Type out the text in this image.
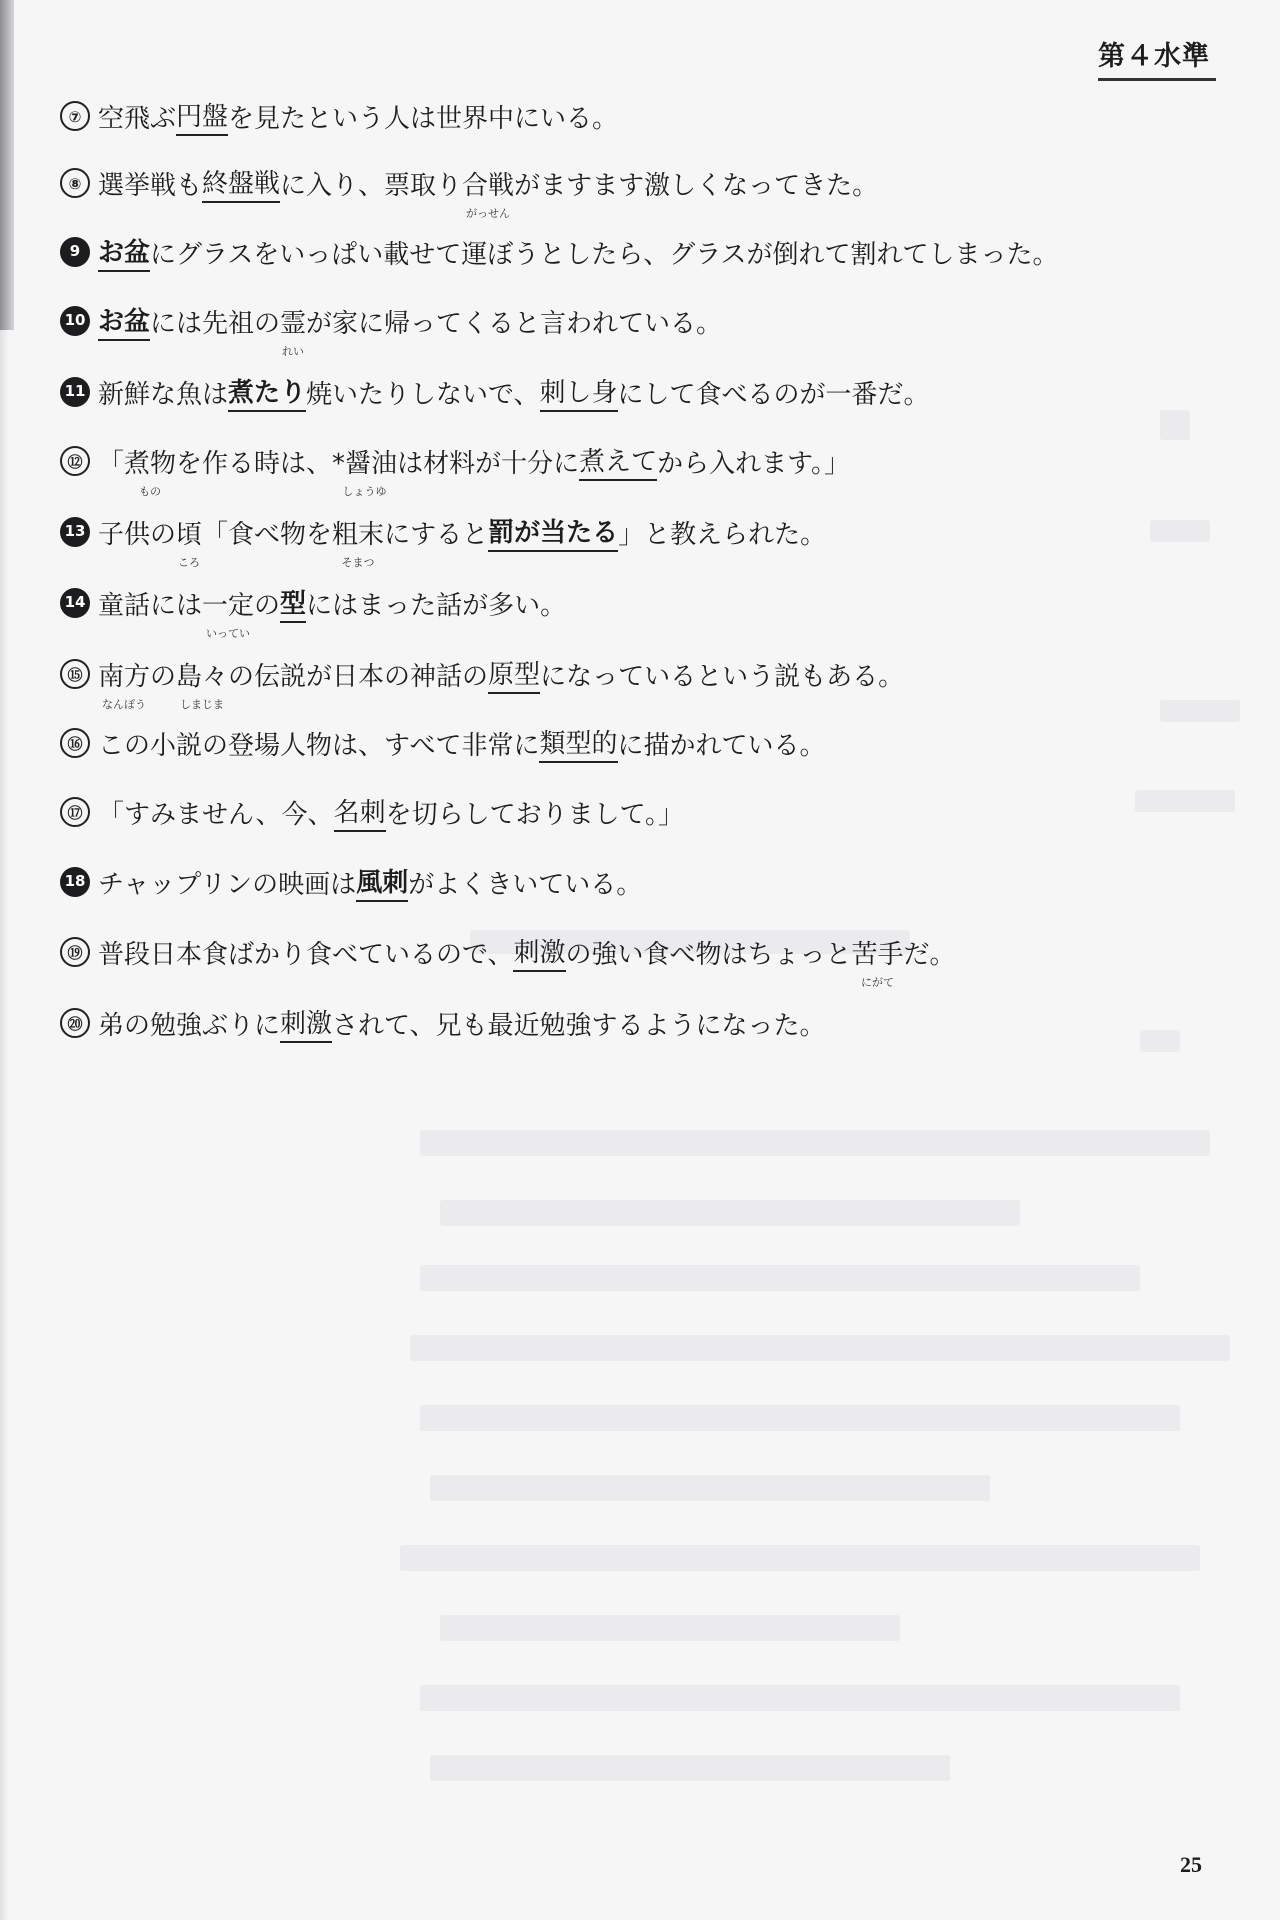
第４水準
⑦ 空飛ぶ 円盤 を見たという人は世界中にいる。
⑧ 選挙戦も 終盤戦 に入り、票取り 合戦
がっせん
がますます激しくなってきた。
9 お盆 にグラスをいっぱい載せて運ぼうとしたら、グラスが倒れて割れてしまった。
10 お盆 には先祖の 霊
れい
が家に帰ってくると言われている。
11 新鮮な魚は 煮たり 焼いたりしないで、 刺し身 にして食べるのが一番だ。
⑫ 「 煮物
もの
を作る時は、 *醤油
しょうゆ
は材料が十分に 煮えて から入れます。」
13 子供の 頃
ころ
「食べ物を 粗末
そまつ
にすると 罰が当たる 」と教えられた。
14 童話には 一定
いってい
の 型 にはまった話が多い。
⑮ 南方
なんぽう
の 島々
しまじま
の伝説が日本の神話の 原型 になっているという説もある。
⑯ この小説の登場人物は、すべて非常に 類型的 に描かれている。
⑰ 「すみません、今、 名刺 を切らしておりまして。」
18 チャップリンの映画は 風刺 がよくきいている。
⑲ 普段日本食ばかり食べているので、 刺激 の強い食べ物はちょっと 苦手
にがて
だ。
⑳ 弟の勉強ぶりに 刺激 されて、兄も最近勉強するようになった。
25
